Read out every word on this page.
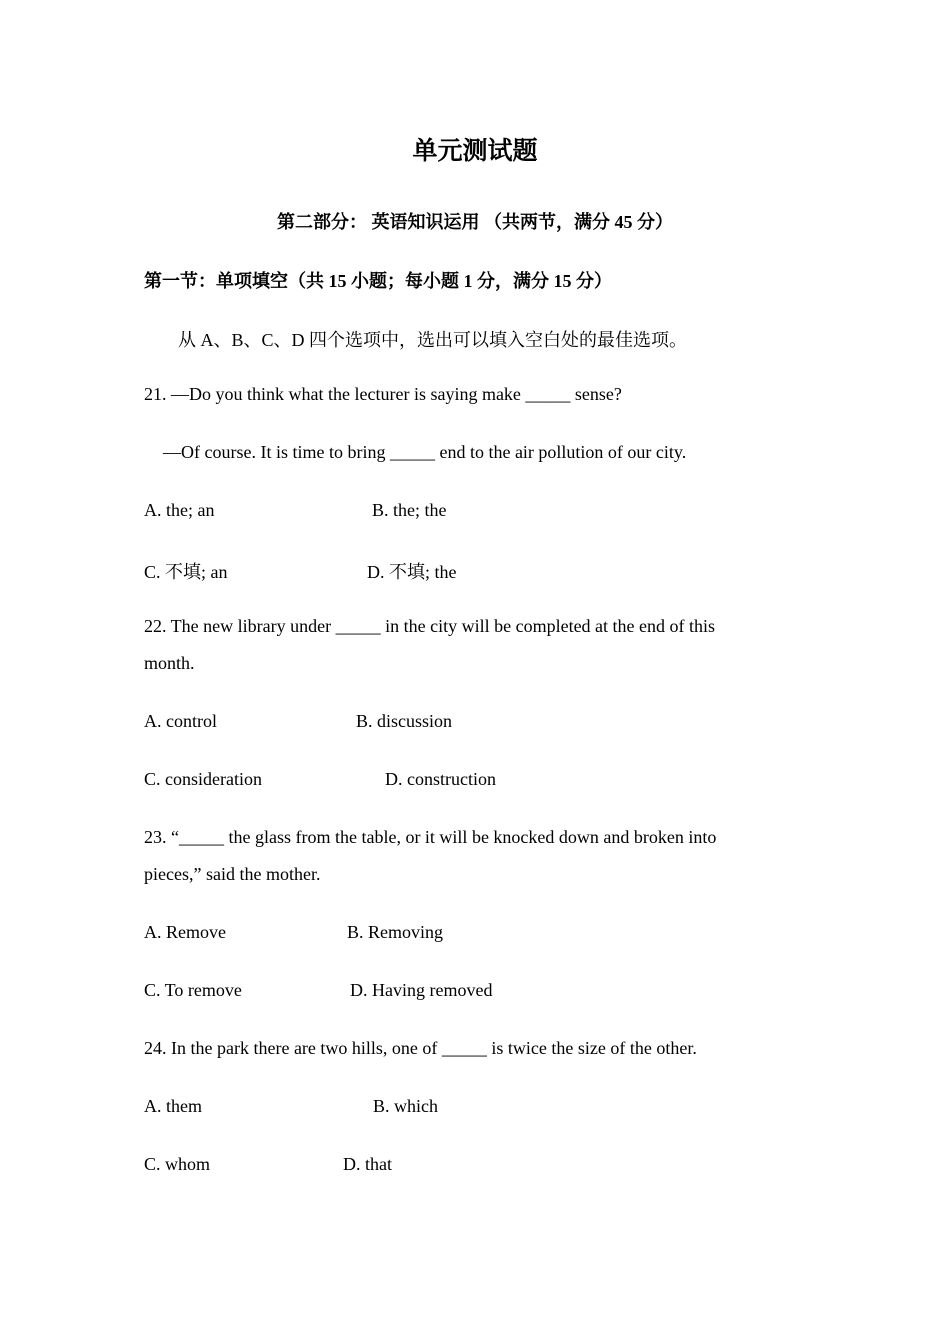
单元测试题
第二部分： 英语知识运用 （共两节，满分 45 分）
第一节：单项填空（共 15 小题；每小题 1 分，满分 15 分）
从 A、B、C、D 四个选项中，选出可以填入空白处的最佳选项。
21. —Do you think what the lecturer is saying make _____ sense?
—Of course. It is time to bring _____ end to the air pollution of our city.
A. the; an	B. the; the
C. 不填; an	D. 不填; the
22. The new library under _____ in the city will be completed at the end of this
month.
A. control	B. discussion
C. consideration	D. construction
23. “_____ the glass from the table, or it will be knocked down and broken into
pieces,” said the mother.
A. Remove	B. Removing
C. To remove	D. Having removed
24. In the park there are two hills, one of _____ is twice the size of the other.
A. them	B. which
C. whom	D. that
